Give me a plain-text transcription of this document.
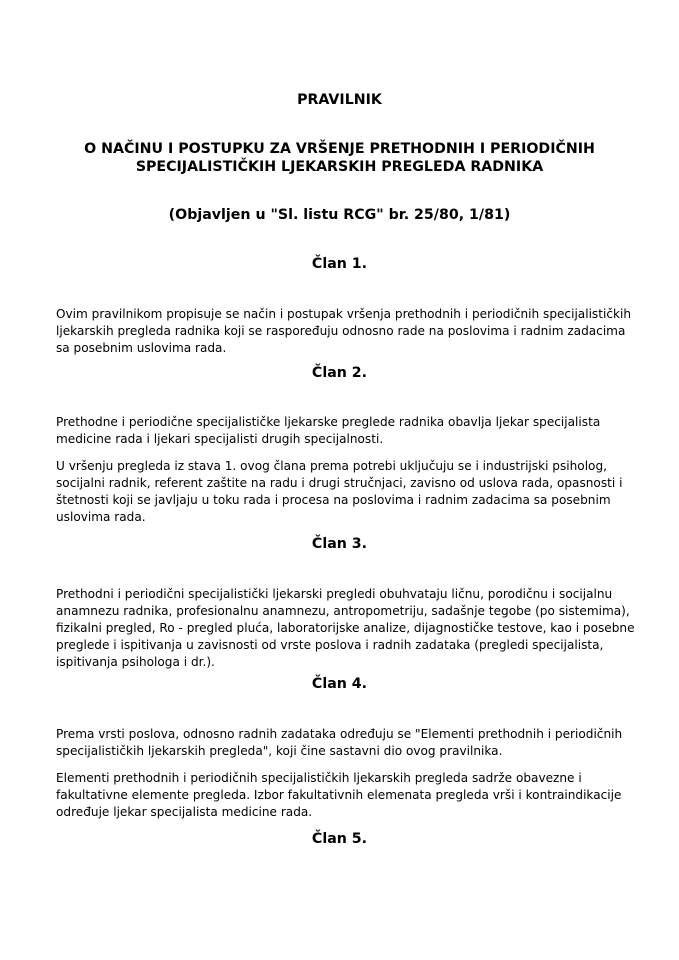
PRAVILNIK
O NAČINU I POSTUPKU ZA VRŠENJE PRETHODNIH I PERIODIČNIH
SPECIJALISTIČKIH LJEKARSKIH PREGLEDA RADNIKA
(Objavljen u "Sl. listu RCG" br. 25/80, 1/81)
Član 1.

Ovim pravilnikom propisuje se način i postupak vršenja prethodnih i periodičnih specijalističkih ljekarskih pregleda radnika koji se raspoređuju odnosno rade na poslovima i radnim zadacima sa posebnim uslovima rada.

Član 2.

Prethodne i periodične specijalističke ljekarske preglede radnika obavlja ljekar specijalista medicine rada i ljekari specijalisti drugih specijalnosti.

U vršenju pregleda iz stava 1. ovog člana prema potrebi uključuju se i industrijski psiholog, socijalni radnik, referent zaštite na radu i drugi stručnjaci, zavisno od uslova rada, opasnosti i štetnosti koji se javljaju u toku rada i procesa na poslovima i radnim zadacima sa posebnim uslovima rada.

Član 3.

Prethodni i periodični specijalistički ljekarski pregledi obuhvataju ličnu, porodičnu i socijalnu anamnezu radnika, profesionalnu anamnezu, antropometriju, sadašnje tegobe (po sistemima), fizikalni pregled, Ro - pregled pluća, laboratorijske analize, dijagnostičke testove, kao i posebne preglede i ispitivanja u zavisnosti od vrste poslova i radnih zadataka (pregledi specijalista, ispitivanja psihologa i dr.).

Član 4.

Prema vrsti poslova, odnosno radnih zadataka određuju se "Elementi prethodnih i periodičnih specijalističkih ljekarskih pregleda", koji čine sastavni dio ovog pravilnika.

Elementi prethodnih i periodičnih specijalističkih ljekarskih pregleda sadrže obavezne i fakultativne elemente pregleda. Izbor fakultativnih elemenata pregleda vrši i kontraindikacije određuje ljekar specijalista medicine rada.

Član 5.
